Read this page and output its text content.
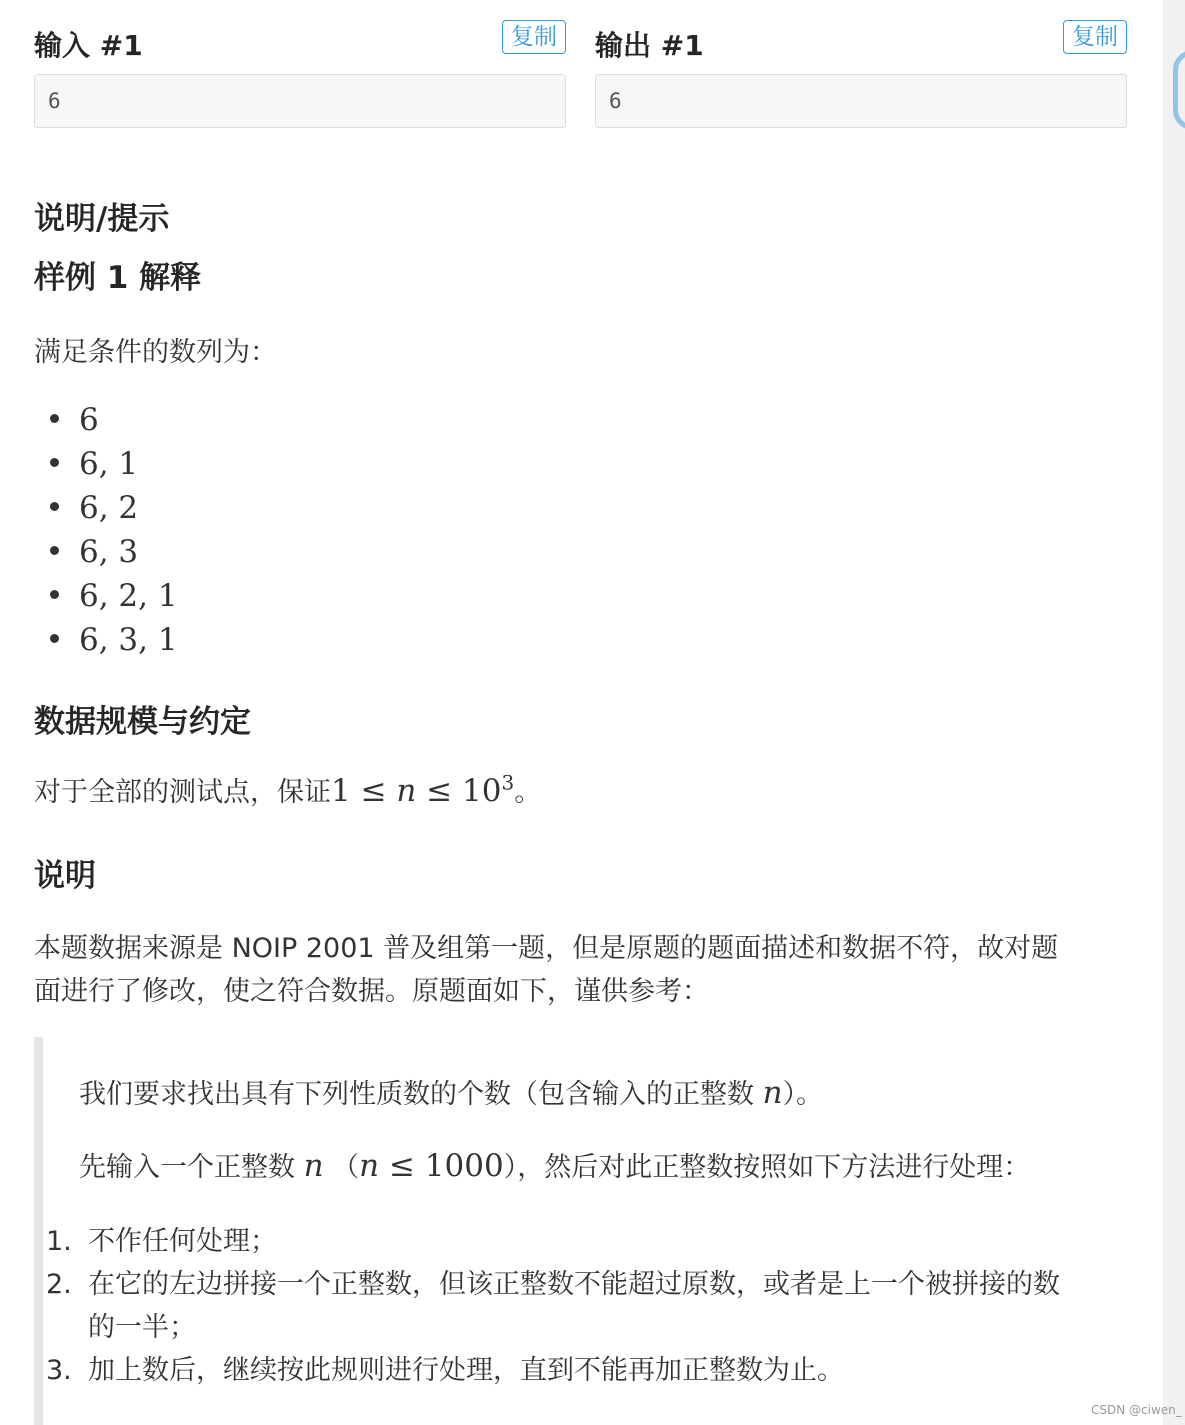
输入 #1	复制
6
输出 #1	复制
6
说明/提示
样例 1 解释

满足条件的数列为：

6
6, 1
6, 2
6, 3
6, 2, 1
6, 3, 1
数据规模与约定

对于全部的测试点，保证$1 \le n \le 10^3$。

说明

本题数据来源是 NOIP 2001 普及组第一题，但是原题的题面描述和数据不符，故对题

面进行了修改，使之符合数据。原题面如下，谨供参考：

我们要求找出具有下列性质数的个数（包含输入的正整数 n）。

先输入一个正整数 n （n ≤ 1000），然后对此正整数按照如下方法进行处理：

1. 不作任何处理；
2. 在它的左边拼接一个正整数，但该正整数不能超过原数，或者是上一个被拼接的数的一半；
3. 加上数后，继续按此规则进行处理，直到不能再加正整数为止。
CSDN @ciwen_
